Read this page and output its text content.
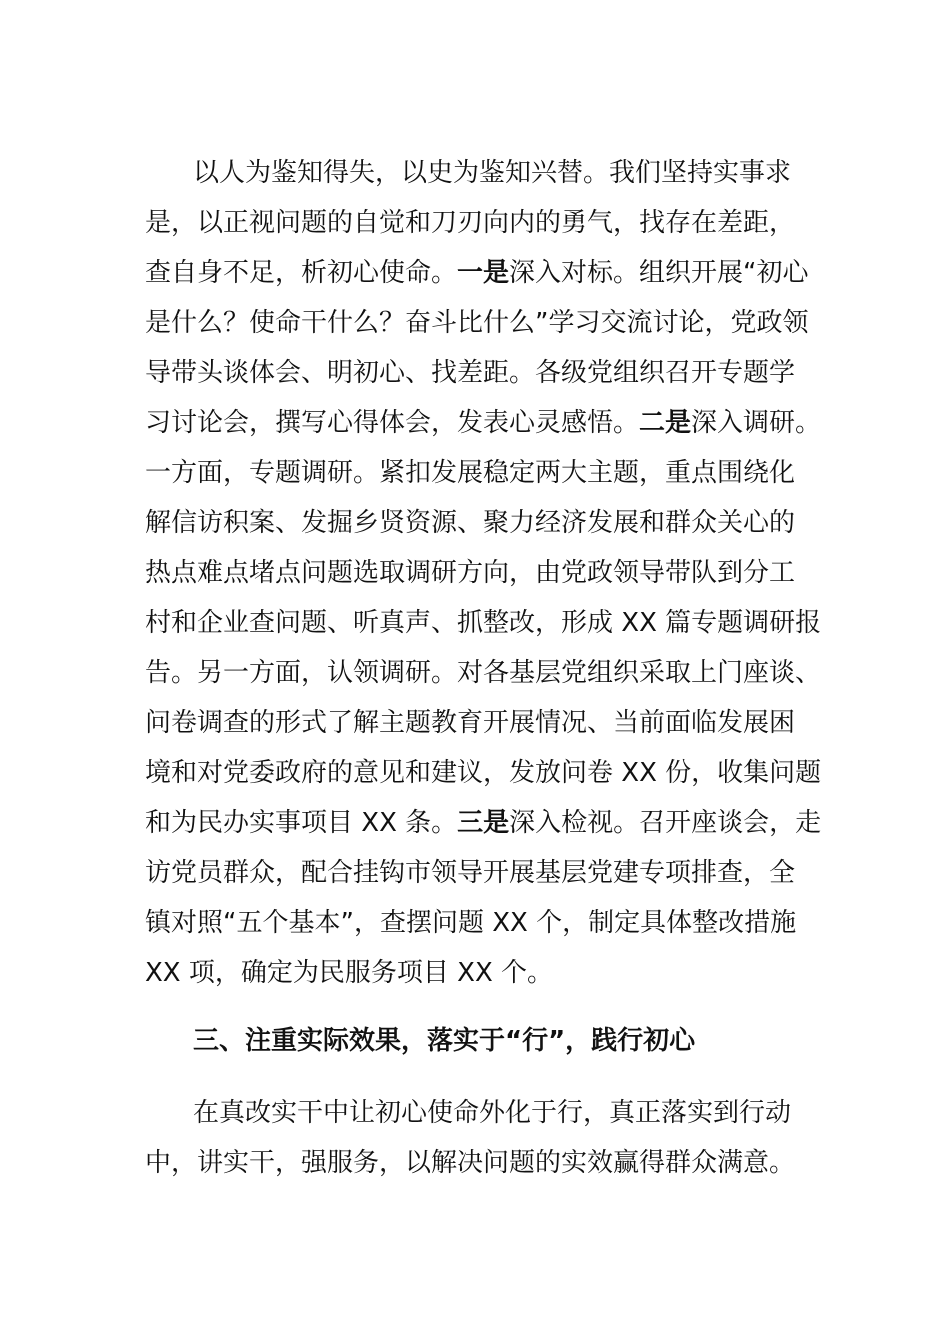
以人为鉴知得失，以史为鉴知兴替。我们坚持实事求
是，以正视问题的自觉和刀刃向内的勇气，找存在差距，
查自身不足，析初心使命。一是深入对标。组织开展“初心
是什么？使命干什么？奋斗比什么”学习交流讨论，党政领
导带头谈体会、明初心、找差距。各级党组织召开专题学
习讨论会，撰写心得体会，发表心灵感悟。二是深入调研。
一方面，专题调研。紧扣发展稳定两大主题，重点围绕化
解信访积案、发掘乡贤资源、聚力经济发展和群众关心的
热点难点堵点问题选取调研方向，由党政领导带队到分工
村和企业查问题、听真声、抓整改，形成 XX 篇专题调研报
告。另一方面，认领调研。对各基层党组织采取上门座谈、
问卷调查的形式了解主题教育开展情况、当前面临发展困
境和对党委政府的意见和建议，发放问卷 XX 份，收集问题
和为民办实事项目 XX 条。三是深入检视。召开座谈会，走
访党员群众，配合挂钩市领导开展基层党建专项排查，全
镇对照“五个基本”，查摆问题 XX 个，制定具体整改措施
XX 项，确定为民服务项目 XX 个。
三、注重实际效果，落实于“行”，践行初心
在真改实干中让初心使命外化于行，真正落实到行动
中，讲实干，强服务，以解决问题的实效赢得群众满意。
